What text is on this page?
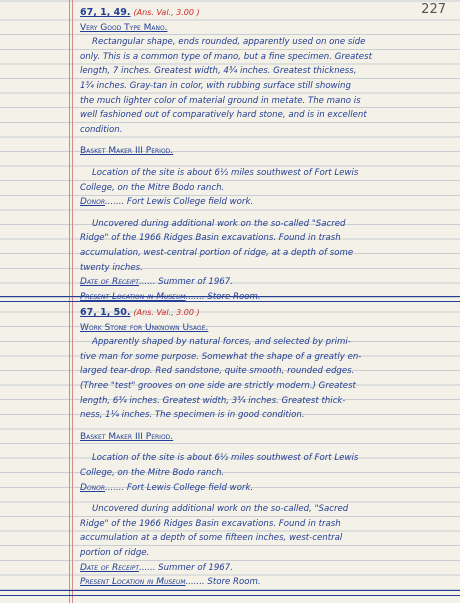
227
67, 1, 49. (Ans. Val., 3.00 )
Very Good Type Mano.
Rectangular shape, ends rounded, apparently used on one side
only. This is a common type of mano, but a fine specimen. Greatest
length, 7 inches. Greatest width, 4¾ inches. Greatest thickness,
1¾ inches. Gray-tan in color, with rubbing surface still showing
the much lighter color of material ground in metate. The mano is
well fashioned out of comparatively hard stone, and is in excellent
condition.
Basket Maker III Period.
Location of the site is about 6½ miles southwest of Fort Lewis
College, on the Mitre Bodo ranch.
Donor....... Fort Lewis College field work.
Uncovered during additional work on the so-called "Sacred
Ridge" of the 1966 Ridges Basin excavations. Found in trash
accumulation, west-central portion of ridge, at a depth of some
twenty inches.
Date of Receipt...... Summer of 1967.
Present Location in Museum....... Store Room.
67, 1, 50. (Ans. Val., 3.00 )
Work Stone for Unknown Usage.
Apparently shaped by natural forces, and selected by primi-
tive man for some purpose. Somewhat the shape of a greatly en-
larged tear-drop. Red sandstone, quite smooth, rounded edges.
(Three "test" grooves on one side are strictly modern.) Greatest
length, 6¾ inches. Greatest width, 3¾ inches. Greatest thick-
ness, 1¼ inches. The specimen is in good condition.
Basket Maker III Period.
Location of the site is about 6½ miles southwest of Fort Lewis
College, on the Mitre Bodo ranch.
Donor....... Fort Lewis College field work.
Uncovered during additional work on the so-called, "Sacred
Ridge" of the 1966 Ridges Basin excavations. Found in trash
accumulation at a depth of some fifteen inches, west-central
portion of ridge.
Date of Receipt...... Summer of 1967.
Present Location in Museum....... Store Room.
